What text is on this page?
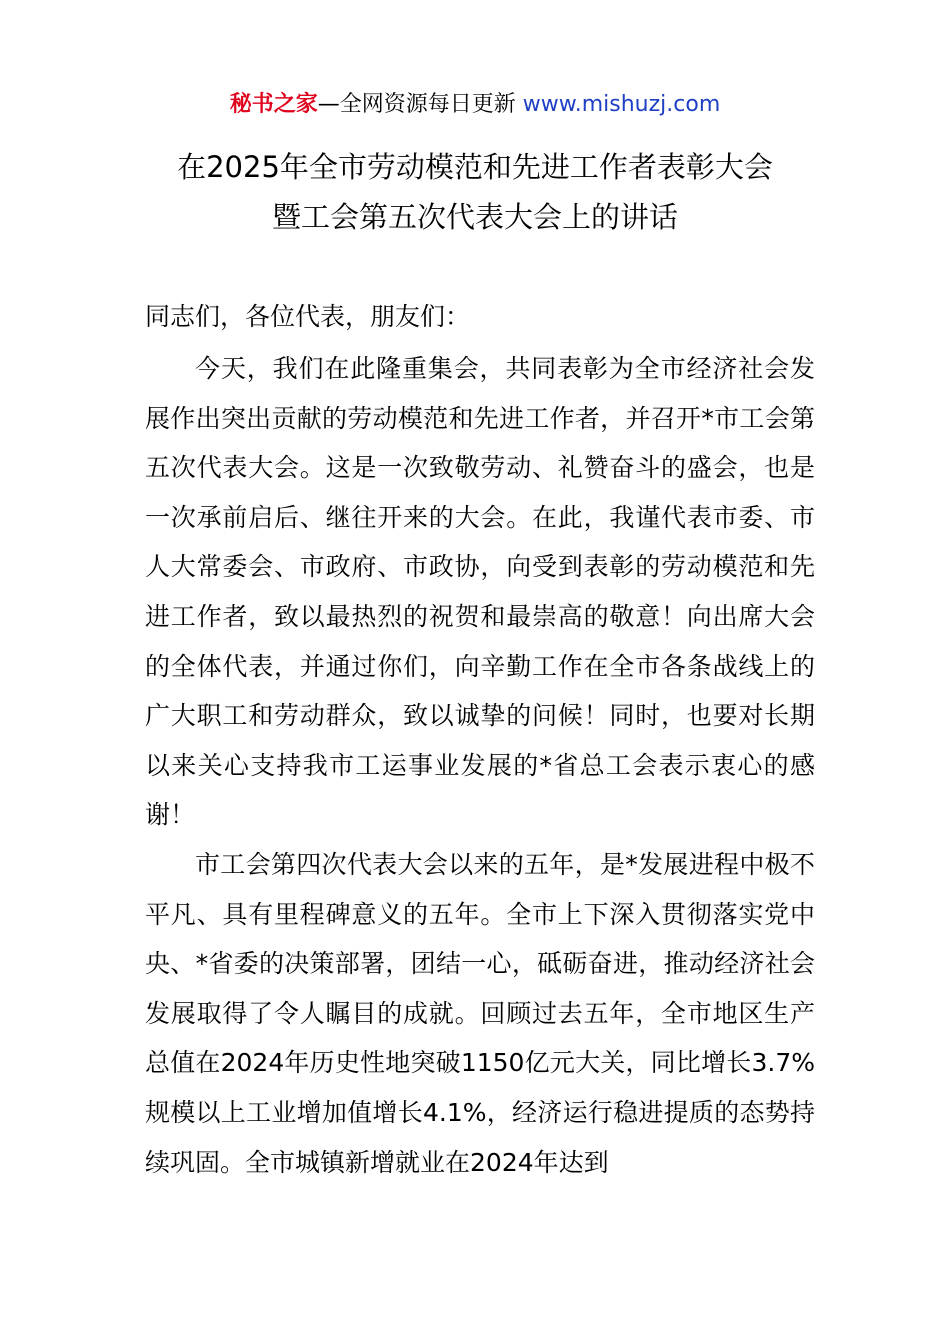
秘书之家—全网资源每日更新 www.mishuzj.com
在2025年全市劳动模范和先进工作者表彰大会
暨工会第五次代表大会上的讲话
同志们，各位代表，朋友们：

今天，我们在此隆重集会，共同表彰为全市经济社会发展作出突出贡献的劳动模范和先进工作者，并召开*市工会第五次代表大会。这是一次致敬劳动、礼赞奋斗的盛会，也是一次承前启后、继往开来的大会。在此，我谨代表市委、市人大常委会、市政府、市政协，向受到表彰的劳动模范和先进工作者，致以最热烈的祝贺和最崇高的敬意！向出席大会的全体代表，并通过你们，向辛勤工作在全市各条战线上的广大职工和劳动群众，致以诚挚的问候！同时，也要对长期以来关心支持我市工运事业发展的*省总工会表示衷心的感谢！

市工会第四次代表大会以来的五年，是*发展进程中极不平凡、具有里程碑意义的五年。全市上下深入贯彻落实党中央、*省委的决策部署，团结一心，砥砺奋进，推动经济社会发展取得了令人瞩目的成就。回顾过去五年，全市地区生产总值在2024年历史性地突破1150亿元大关，同比增长3.7%规模以上工业增加值增长4.1%，经济运行稳进提质的态势持续巩固。全市城镇新增就业在2024年达到
